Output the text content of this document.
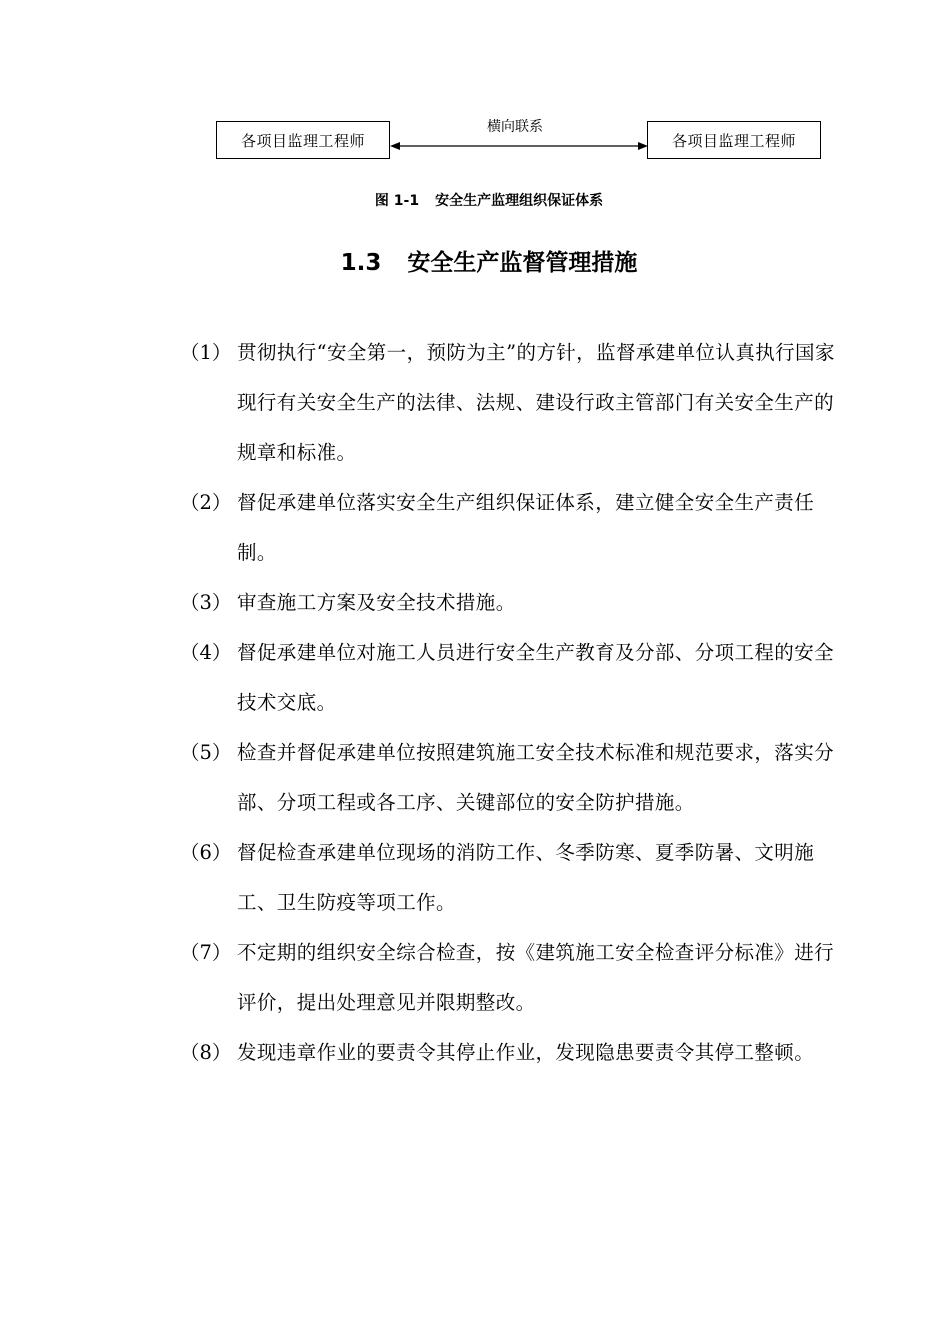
各项目监理工程师
横向联系
各项目监理工程师
图 1-1 安全生产监理组织保证体系
1.3 安全生产监督管理措施
（1） 贯彻执行“安全第一，预防为主”的方针，监督承建单位认真执行国家现行有关安全生产的法律、法规、建设行政主管部门有关安全生产的规章和标准。
（2） 督促承建单位落实安全生产组织保证体系，建立健全安全生产责任制。
（3） 审查施工方案及安全技术措施。
（4） 督促承建单位对施工人员进行安全生产教育及分部、分项工程的安全技术交底。
（5） 检查并督促承建单位按照建筑施工安全技术标准和规范要求，落实分部、分项工程或各工序、关键部位的安全防护措施。
（6） 督促检查承建单位现场的消防工作、冬季防寒、夏季防暑、文明施工、卫生防疫等项工作。
（7） 不定期的组织安全综合检查，按《建筑施工安全检查评分标准》进行评价，提出处理意见并限期整改。
（8） 发现违章作业的要责令其停止作业，发现隐患要责令其停工整顿。
